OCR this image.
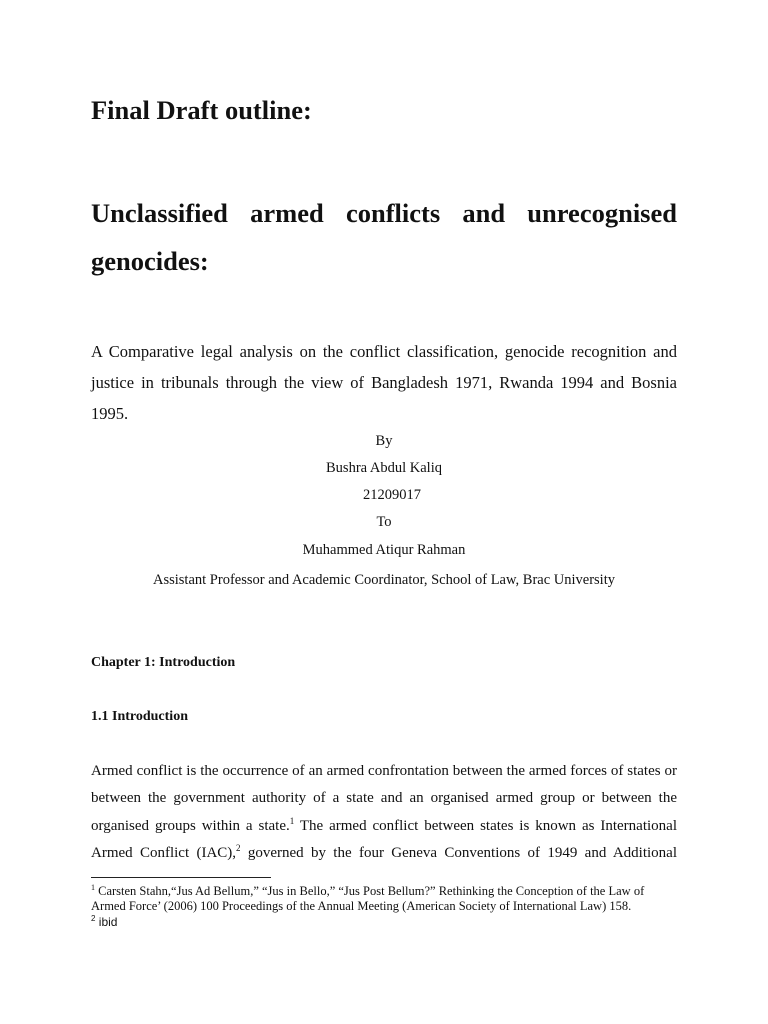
Final Draft outline:
Unclassified armed conflicts and unrecognised genocides:

A Comparative legal analysis on the conflict classification, genocide recognition and justice in tribunals through the view of Bangladesh 1971, Rwanda 1994 and Bosnia 1995.

By
Bushra Abdul Kaliq
21209017
To
Muhammed Atiqur Rahman
Assistant Professor and Academic Coordinator, School of Law, Brac University
Chapter 1: Introduction
1.1 Introduction

Armed conflict is the occurrence of an armed confrontation between the armed forces of states or between the government authority of a state and an organised armed group or between the organised groups within a state.$^1$ The armed conflict between states is known as International Armed Conflict (IAC),$^2$ governed by the four Geneva Conventions of 1949 and Additional

$^1$ Carsten Stahn,“Jus Ad Bellum,” “Jus in Bello,” “Jus Post Bellum?” Rethinking the Conception of the Law of Armed Force’ (2006) 100 Proceedings of the Annual Meeting (American Society of International Law) 158.

$^2$ ibid
